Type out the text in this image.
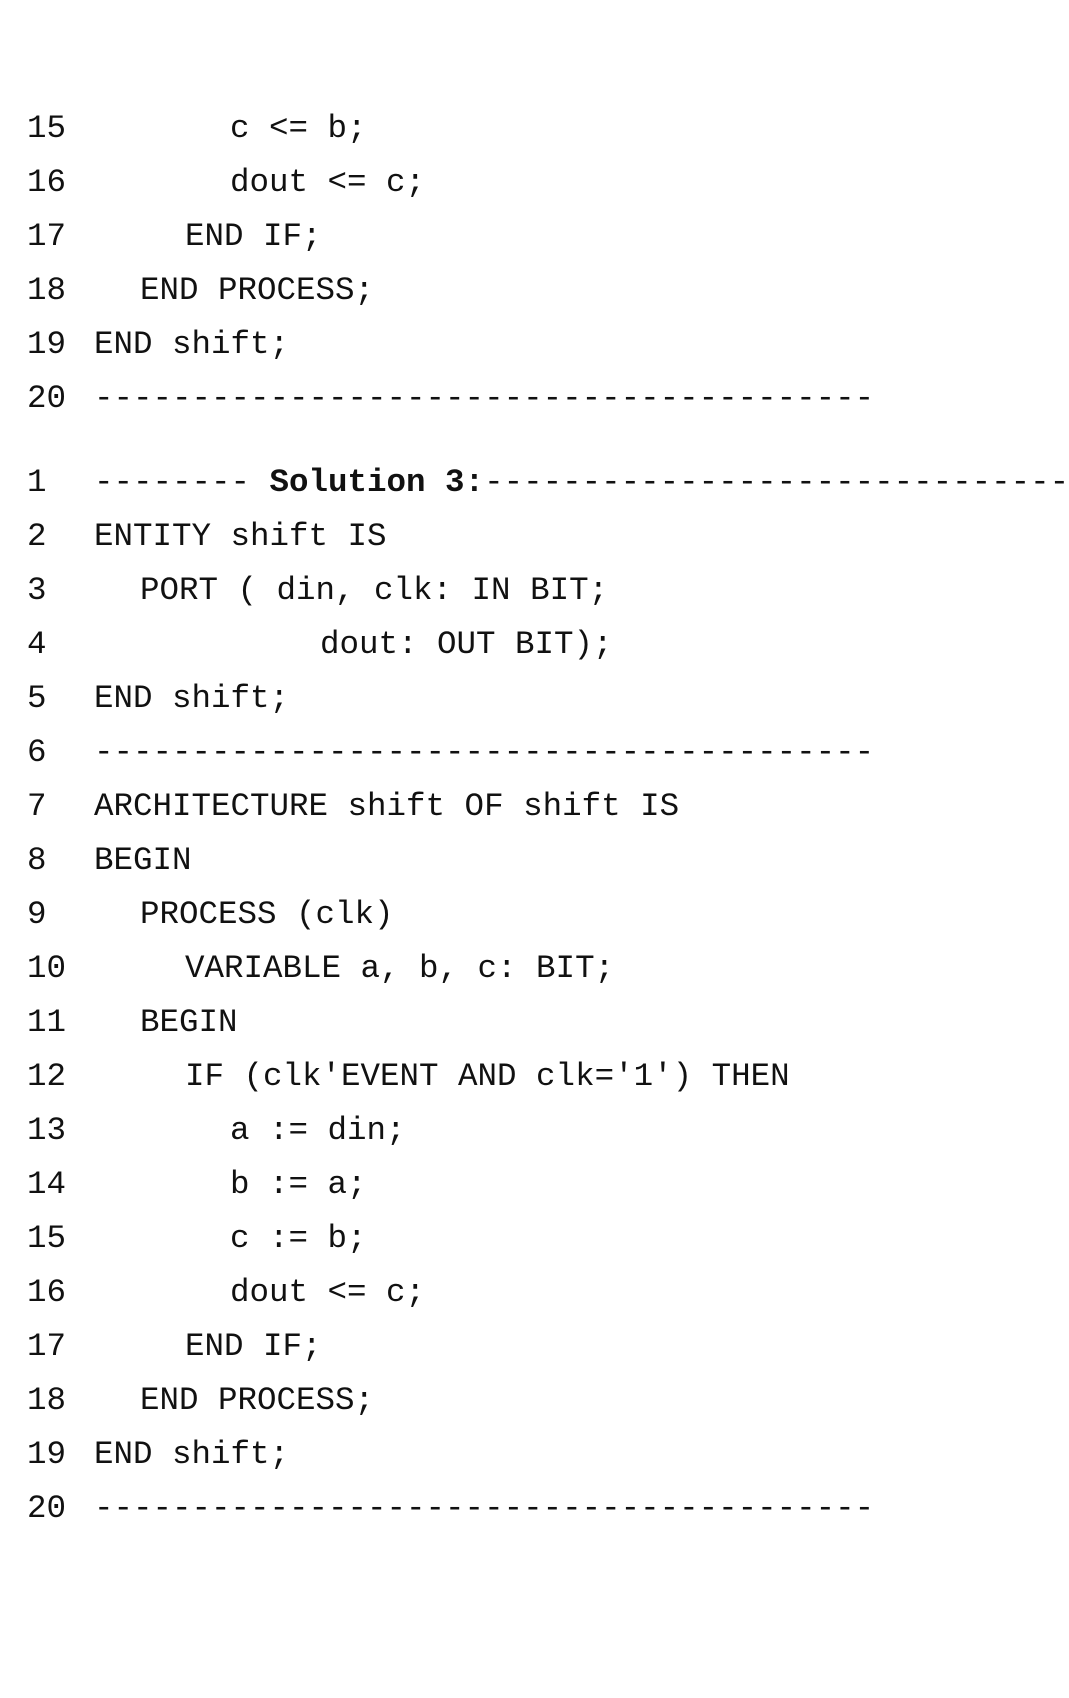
15

	c <= b;

16

	dout <= c;

17

	END IF;

18

END PROCESS;

19

END shift;

20

----------------------------------------

1

-------- Solution 3:------------------------------

2

ENTITY shift IS

3

	PORT ( din, clk: IN BIT;

4

	dout: OUT BIT);

5

END shift;

6

----------------------------------------

7

ARCHITECTURE shift OF shift IS

8

BEGIN

9

	PROCESS (clk)

10

	VARIABLE a, b, c: BIT;

11

BEGIN

12

	IF (clk'EVENT AND clk='1') THEN

13

	a := din;

14

	b := a;

15

	c := b;

16

	dout <= c;

17

	END IF;

18

END PROCESS;

19

END shift;

20

----------------------------------------
